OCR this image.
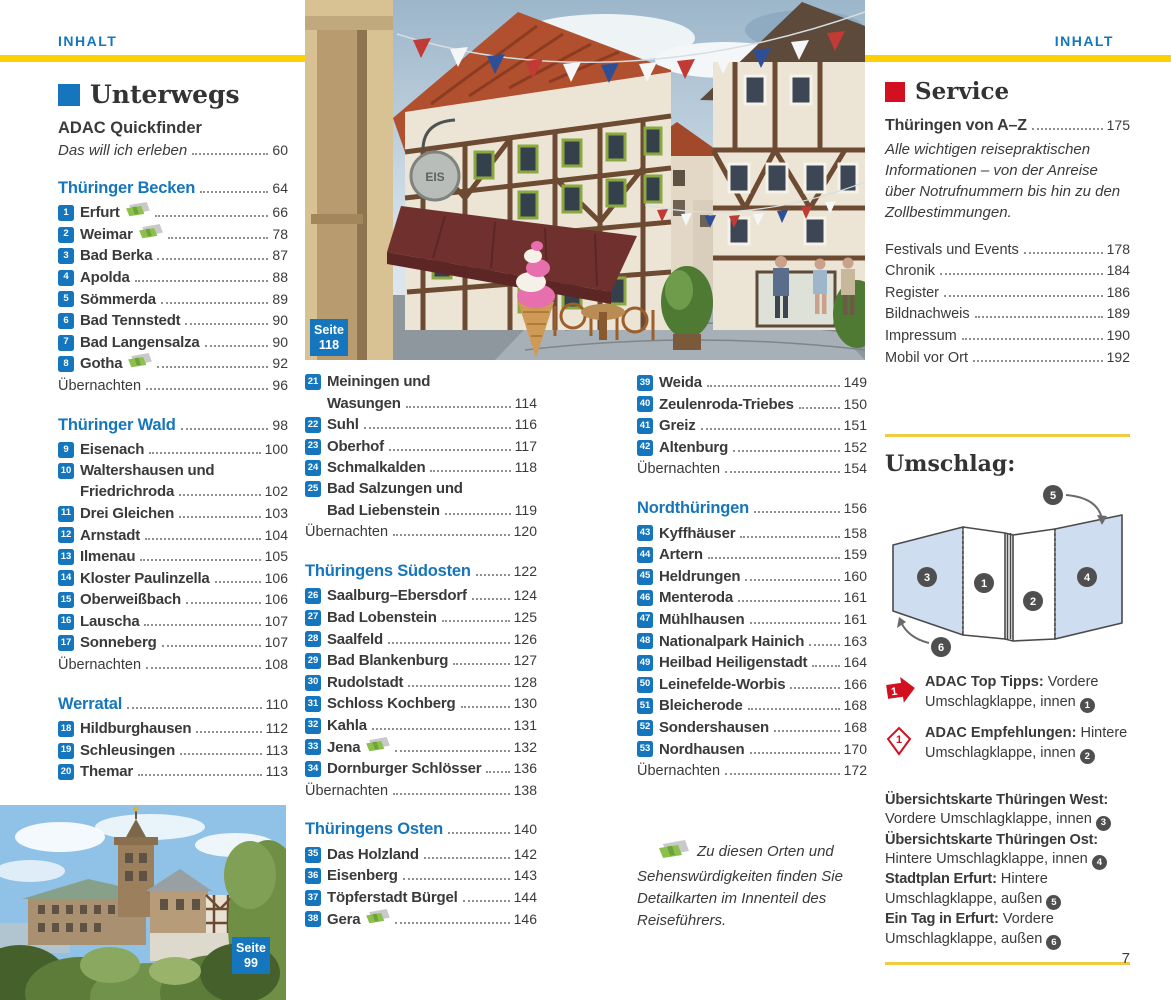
INHALT	INHALT
EIS
Seite
118
Seite
99
Unterwegs
ADAC Quickfinder
Das will ich erleben	60
Thüringer Becken	64
1 Erfurt	66
2 Weimar	78
3 Bad Berka	87
4 Apolda	88
5 Sömmerda	89
6 Bad Tennstedt	90
7 Bad Langensalza	90
8 Gotha	92
Übernachten	96
Thüringer Wald	98
9 Eisenach	100
10 Waltershausen und
Friedrichroda	102
11 Drei Gleichen	103
12 Arnstadt	104
13 Ilmenau	105
14 Kloster Paulinzella	106
15 Oberweißbach	106
16 Lauscha	107
17 Sonneberg	107
Übernachten	108
Werratal	110
18 Hildburghausen	112
19 Schleusingen	113
20 Themar	113
21 Meiningen und
Wasungen	114
22 Suhl	116
23 Oberhof	117
24 Schmalkalden	118
25 Bad Salzungen und
Bad Liebenstein	119
Übernachten	120
Thüringens Südosten	122
26 Saalburg–Ebersdorf	124
27 Bad Lobenstein	125
28 Saalfeld	126
29 Bad Blankenburg	127
30 Rudolstadt	128
31 Schloss Kochberg	130
32 Kahla	131
33 Jena	132
34 Dornburger Schlösser 136
Übernachten	138
Thüringens Osten	140
35 Das Holzland	142
36 Eisenberg	143
37 Töpferstadt Bürgel	144
38 Gera	146
39 Weida	149
40 Zeulenroda-Triebes	150
41 Greiz	151
42 Altenburg	152
Übernachten	154
Nordthüringen	156
43 Kyffhäuser	158
44 Artern	159
45 Heldrungen	160
46 Menteroda	161
47 Mühlhausen	161
48 Nationalpark Hainich	163
49 Heilbad Heiligenstadt	164
50 Leinefelde-Worbis	166
51 Bleicherode	168
52 Sondershausen	168
53 Nordhausen	170
Übernachten	172
Zu diesen Orten und Sehenswürdigkeiten finden Sie Detailkarten im Innenteil des Reiseführers.
Service
Thüringen von A–Z	175
Alle wichtigen reisepraktischen Informationen – von der Anreise über Notrufnummern bis hin zu den Zollbestimmungen.
Festivals und Events	178
Chronik	184
Register	186
Bildnachweis	189
Impressum	190
Mobil vor Ort	192
Umschlag:
1
2
3	4
5
6
1
ADAC Top Tipps: Vordere Umschlagklappe, innen 1
1 ADAC Empfehlungen: Hintere Umschlagklappe, innen 2
Übersichtskarte Thüringen West: Vordere Umschlagklappe, innen 3
Übersichtskarte Thüringen Ost: Hintere Umschlagklappe, innen 4
Stadtplan Erfurt: Hintere Umschlagklappe, außen 5
Ein Tag in Erfurt: Vordere Umschlagklappe, außen 6
7
